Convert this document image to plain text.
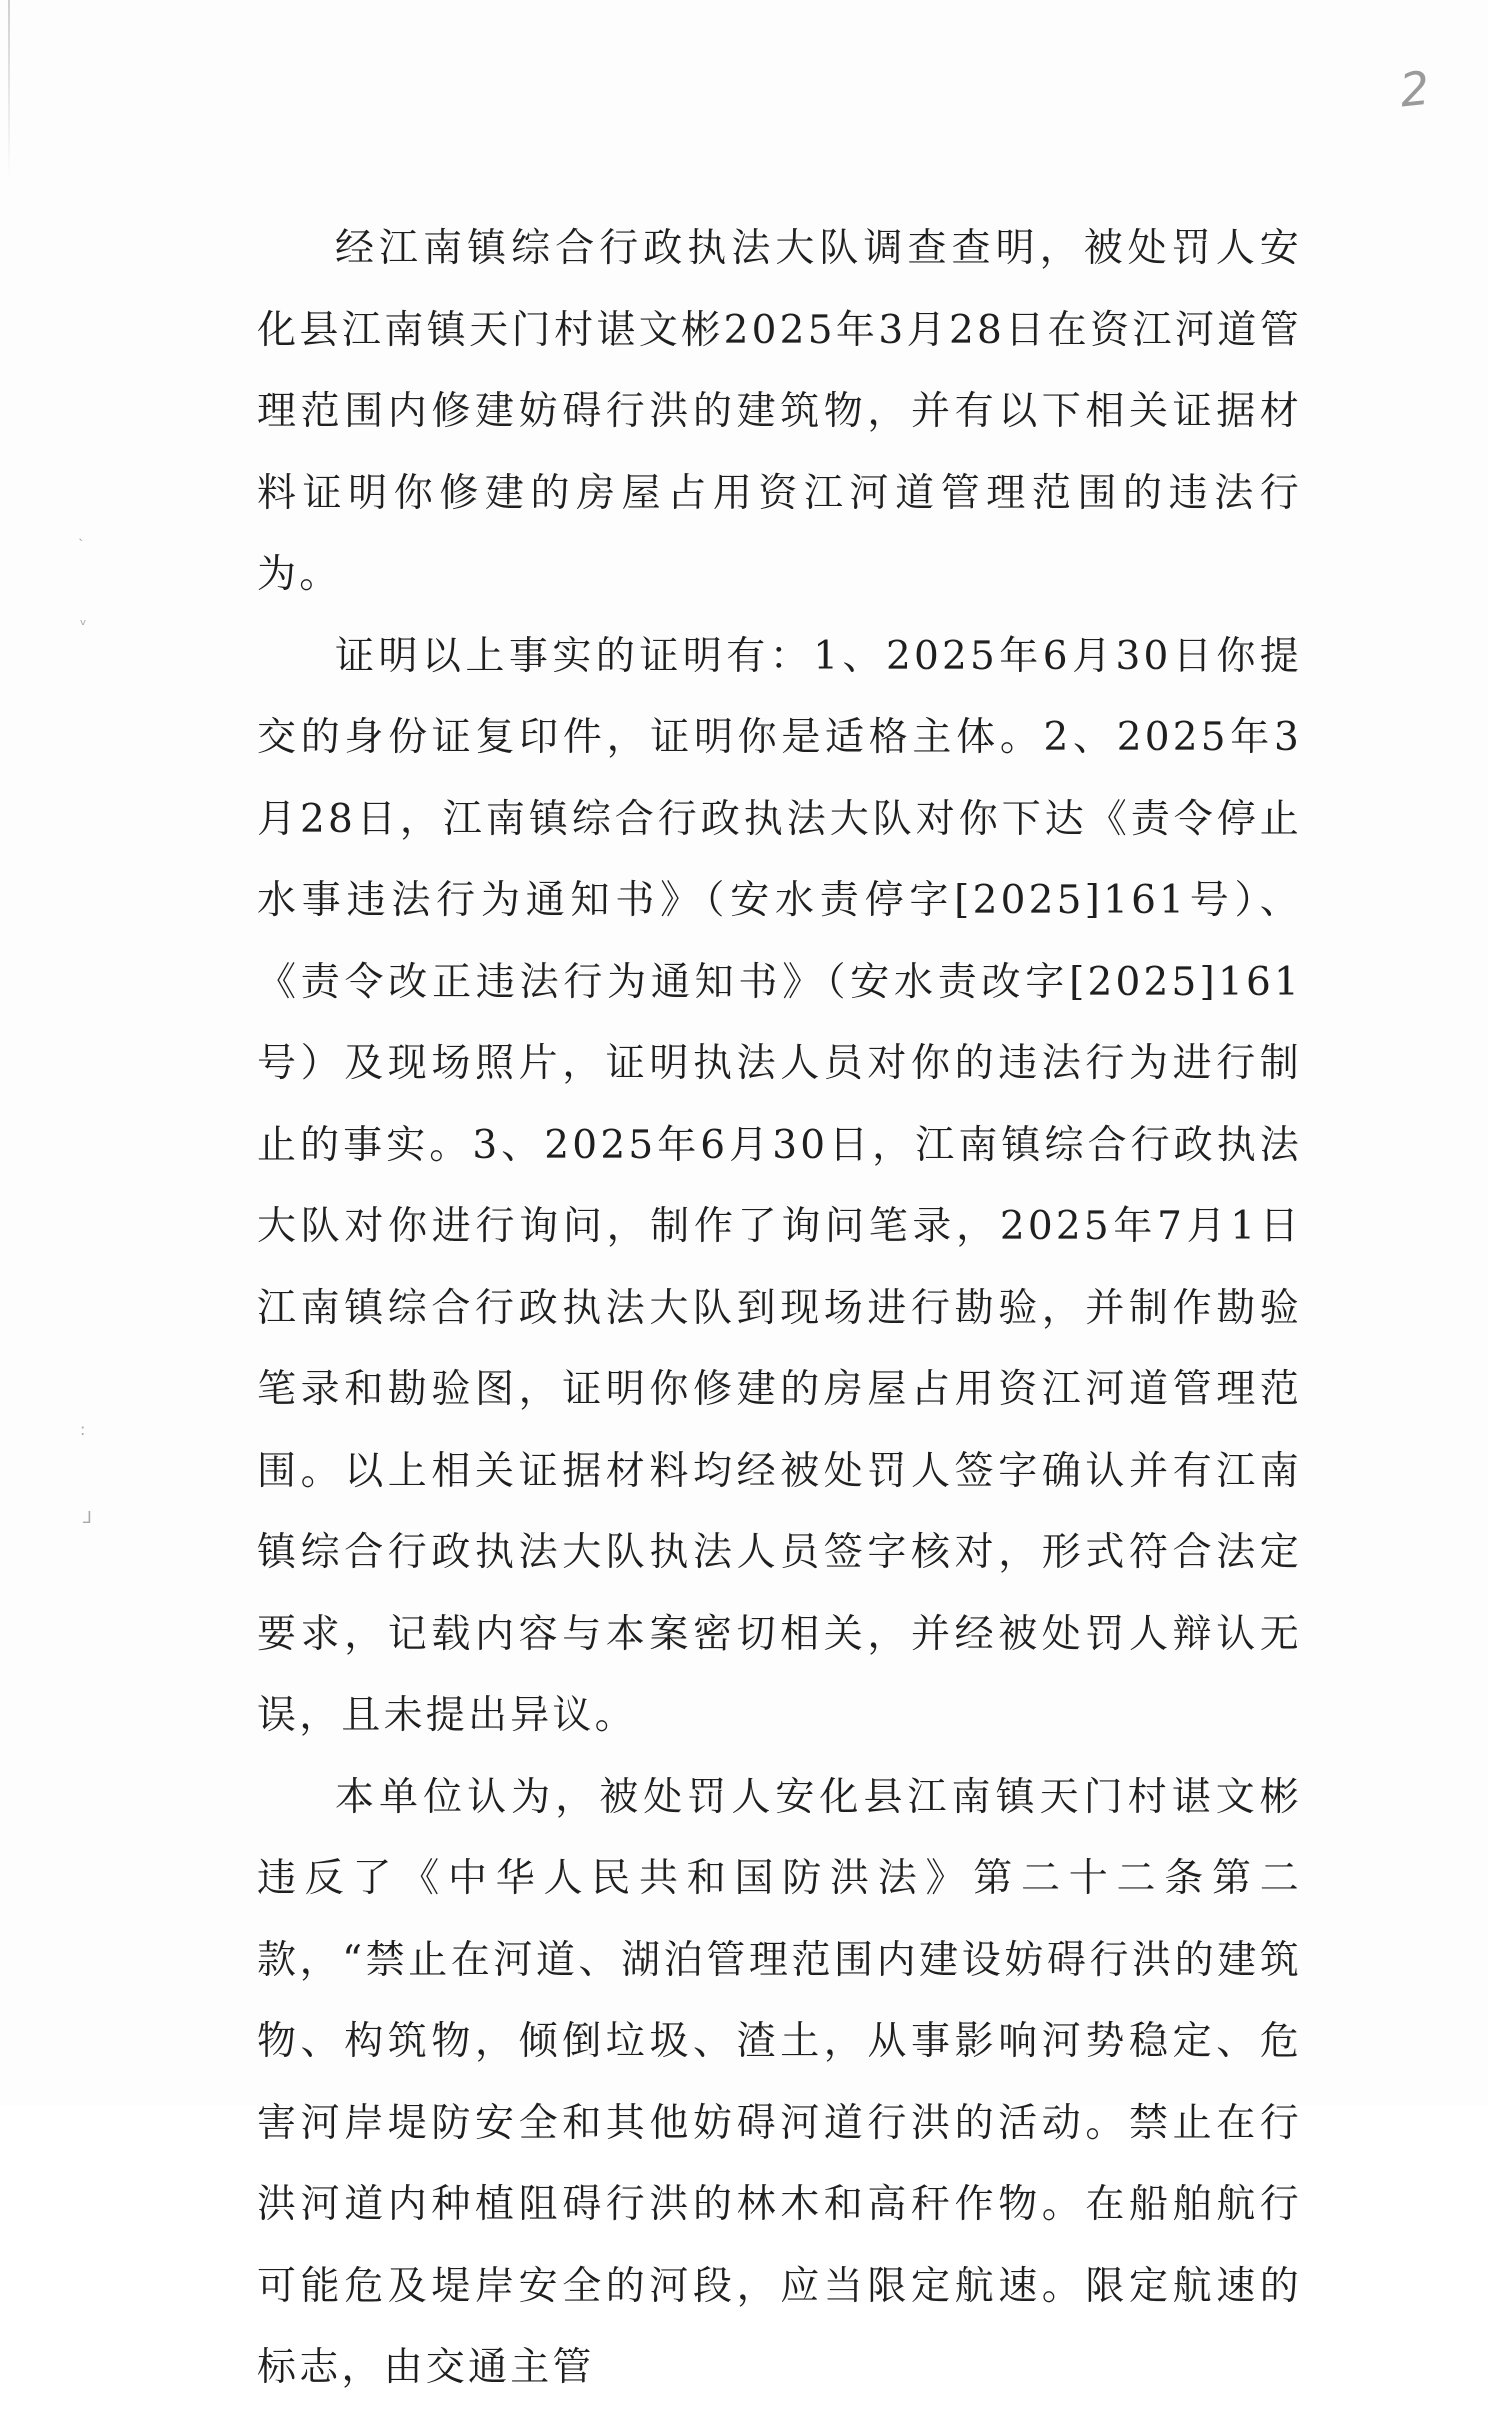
2
˴
ᵥ
:
ᒧ

经江南镇综合行政执法大队调查查明，被处罚人安化县江南镇天门村谌文彬2025年3月28日在资江河道管理范围内修建妨碍行洪的建筑物，并有以下相关证据材料证明你修建的房屋占用资江河道管理范围的违法行为。

证明以上事实的证明有：1、2025年6月30日你提交的身份证复印件，证明你是适格主体。2、2025年3月28日，江南镇综合行政执法大队对你下达《责令停止水事违法行为通知书》（安水责停字[2025]161号）、《责令改正违法行为通知书》（安水责改字[2025]161号）及现场照片，证明执法人员对你的违法行为进行制止的事实。3、2025年6月30日，江南镇综合行政执法大队对你进行询问，制作了询问笔录，2025年7月1日江南镇综合行政执法大队到现场进行勘验，并制作勘验笔录和勘验图，证明你修建的房屋占用资江河道管理范围。以上相关证据材料均经被处罚人签字确认并有江南镇综合行政执法大队执法人员签字核对，形式符合法定要求，记载内容与本案密切相关，并经被处罚人辩认无误，且未提出异议。

本单位认为，被处罚人安化县江南镇天门村谌文彬违反了《中华人民共和国防洪法》第二十二条第二款，“禁止在河道、湖泊管理范围内建设妨碍行洪的建筑物、构筑物，倾倒垃圾、渣土，从事影响河势稳定、危害河岸堤防安全和其他妨碍河道行洪的活动。禁止在行洪河道内种植阻碍行洪的林木和高秆作物。在船舶航行可能危及堤岸安全的河段，应当限定航速。限定航速的标志，由交通主管
